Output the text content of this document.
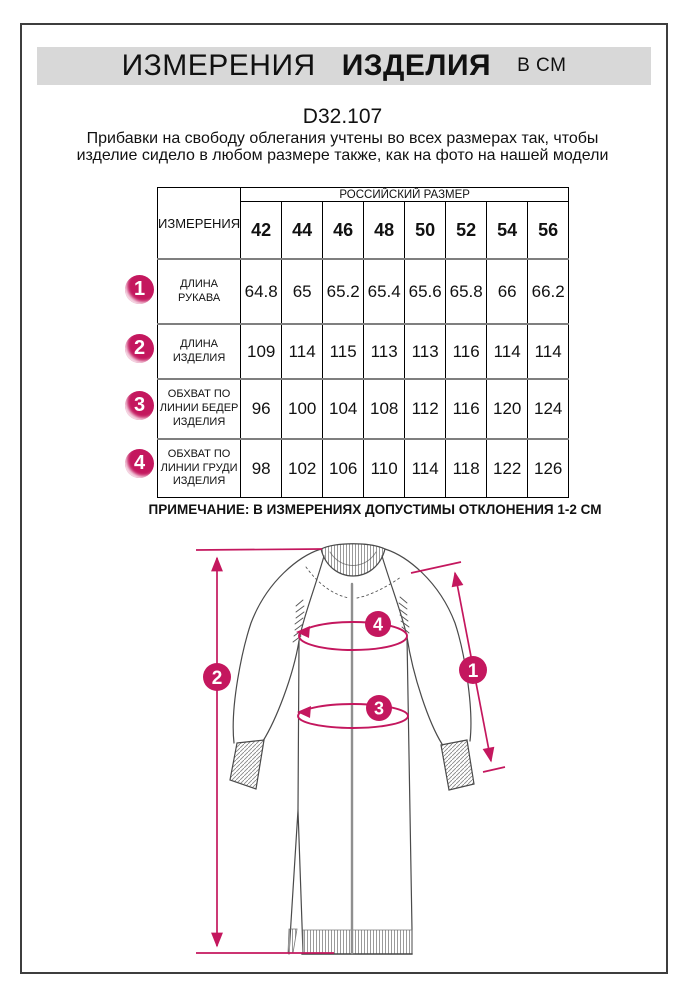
ИЗМЕРЕНИЯ ИЗДЕЛИЯ В СМ
D32.107
Прибавки на свободу облегания учтены во всех размерах так, чтобы изделие сидело в любом размере также, как на фото на нашей модели
ИЗМЕРЕНИЯ	РОССИЙСКИЙ РАЗМЕР							
	42	44	46	48	50	52	54	56
ДЛИНА РУКАВА	64.8	65	65.2	65.4	65.6	65.8	66	66.2
ДЛИНА ИЗДЕЛИЯ	109	114	115	113	113	116	114	114
ОБХВАТ ПО ЛИНИИ БЕДЕР ИЗДЕЛИЯ	96	100	104	108	112	116	120	124
ОБХВАТ ПО ЛИНИИ ГРУДИ ИЗДЕЛИЯ	98	102	106	110	114	118	122	126
1
2
3
4
ПРИМЕЧАНИЕ: В ИЗМЕРЕНИЯХ ДОПУСТИМЫ ОТКЛОНЕНИЯ 1-2 СМ
2	1
4
3
